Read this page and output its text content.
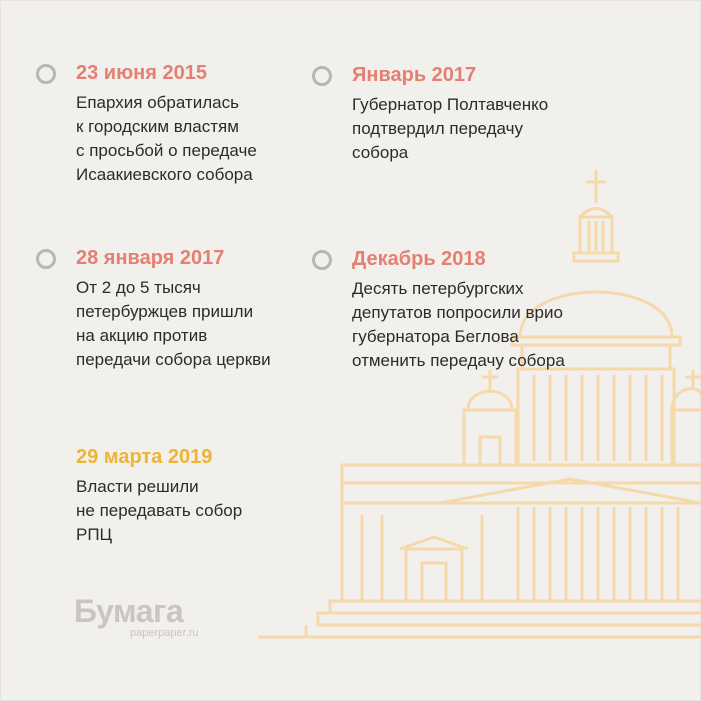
23 июня 2015
Епархия обратилась
к городским властям
с просьбой о передаче
Исаакиевского собора
Январь 2017
Губернатор Полтавченко
подтвердил передачу
собора
28 января 2017
От 2 до 5 тысяч
петербуржцев пришли
на акцию против
передачи собора церкви
Декабрь 2018
Десять петербургских
депутатов попросили врио
губернатора Беглова
отменить передачу собора
29 марта 2019
Власти решили
не передавать собор
РПЦ
Бумага
paperpaper.ru
